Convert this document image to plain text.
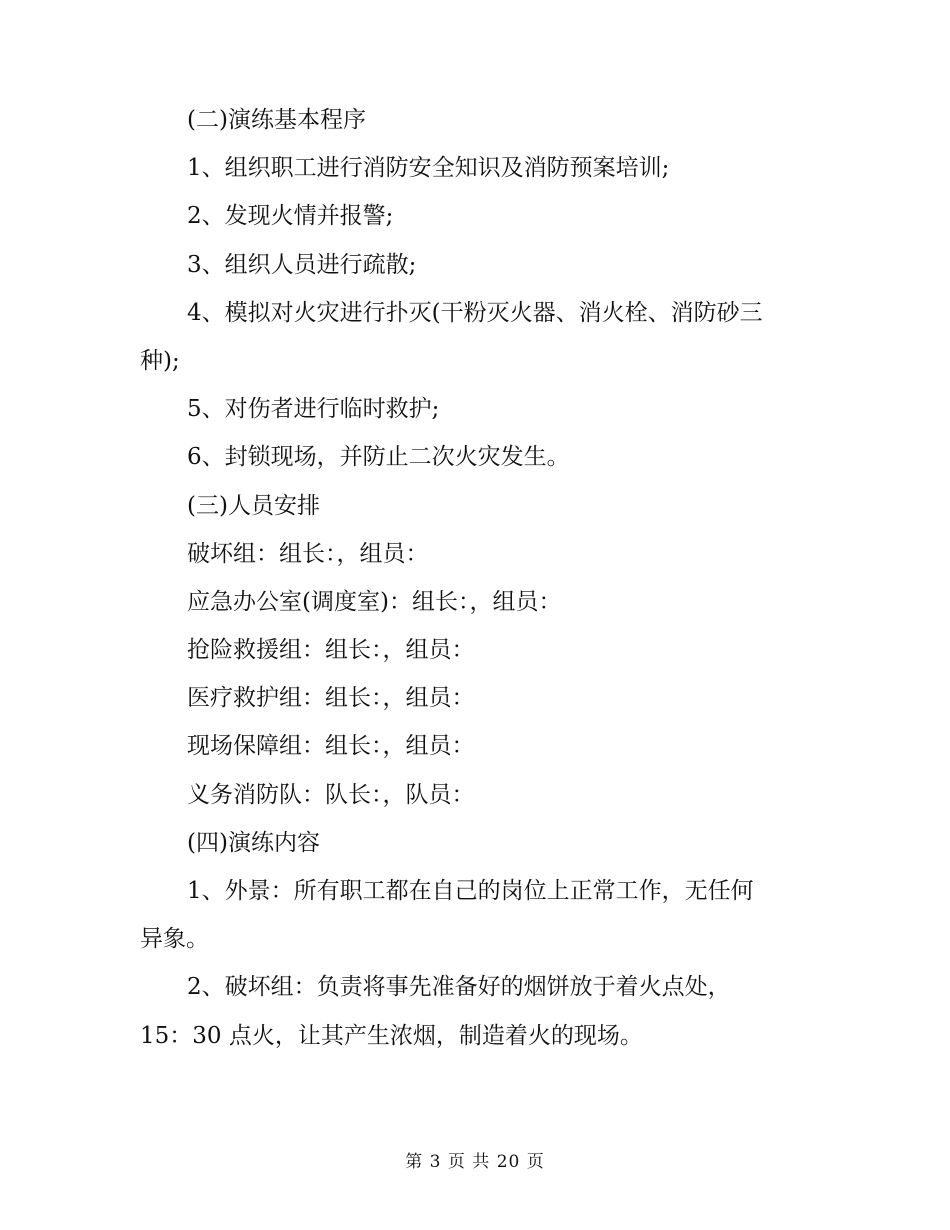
(二)演练基本程序
1、组织职工进行消防安全知识及消防预案培训;
2、发现火情并报警;
3、组织人员进行疏散;
4、模拟对火灾进行扑灭(干粉灭火器、消火栓、消防砂三
种);
5、对伤者进行临时救护;
6、封锁现场，并防止二次火灾发生。
(三)人员安排
破坏组：组长：，组员：
应急办公室(调度室)：组长：，组员：
抢险救援组：组长：，组员：
医疗救护组：组长：，组员：
现场保障组：组长：，组员：
义务消防队：队长：，队员：
(四)演练内容
1、外景：所有职工都在自己的岗位上正常工作，无任何
异象。
2、破坏组：负责将事先准备好的烟饼放于着火点处，
15：30 点火，让其产生浓烟，制造着火的现场。
第 3 页 共 20 页
